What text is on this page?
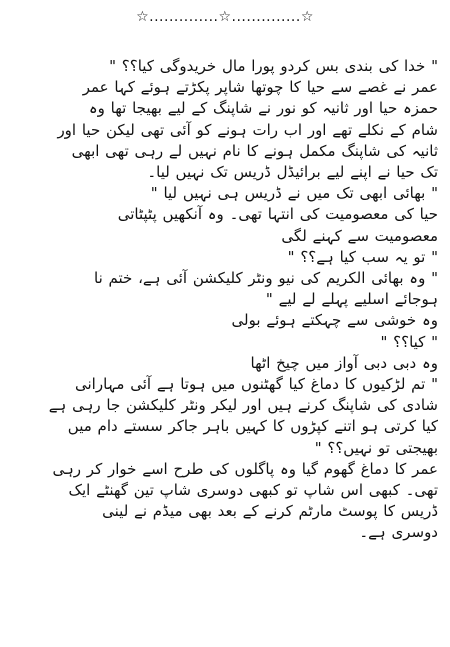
☆..............☆..............☆
" خدا کی بندی بس کردو پورا مال خریدوگی کیا؟؟ "
عمر نے غصے سے حیا کا چوتھا شاپر پکڑتے ہوئے کہا عمر
حمزہ حیا اور ثانیہ کو نور نے شاپنگ کے لیے بھیجا تھا وہ
شام کے نکلے تھے اور اب رات ہونے کو آئی تھی لیکن حیا اور
ثانیہ کی شاپنگ مکمل ہونے کا نام نہیں لے رہی تھی ابھی
تک حیا نے اپنے لیے برائیڈل ڈریس تک نہیں لیا۔
" بھائی ابھی تک میں نے ڈریس ہی نہیں لیا "
حیا کی معصومیت کی انتہا تھی۔ وہ آنکھیں پٹپٹاتی
معصومیت سے کہنے لگی
" تو یہ سب کیا ہے؟؟ "
" وہ بھائی الکریم کی نیو ونٹر کلیکشن آئی ہے، ختم نا
ہوجائے اسلیے پہلے لے لیے "
وہ خوشی سے چہکتے ہوئے بولی
" کیا؟؟ "
وہ دبی دبی آواز میں چیخ اٹھا
" تم لڑکیوں کا دماغ کیا گھٹنوں میں ہوتا ہے آئی مہارانی
شادی کی شاپنگ کرنے ہیں اور لیکر ونٹر کلیکشن جا رہی ہے
کیا کرتی ہو اتنے کپڑوں کا کہیں باہر جاکر سستے دام میں
بھیجتی تو نہیں؟؟ "
عمر کا دماغ گھوم گیا وہ پاگلوں کی طرح اسے خوار کر رہی
تھی۔ کبھی اس شاپ تو کبھی دوسری شاپ تین گھنٹے ایک
ڈریس کا پوسٹ مارٹم کرنے کے بعد بھی میڈم نے لینی
دوسری ہے۔
